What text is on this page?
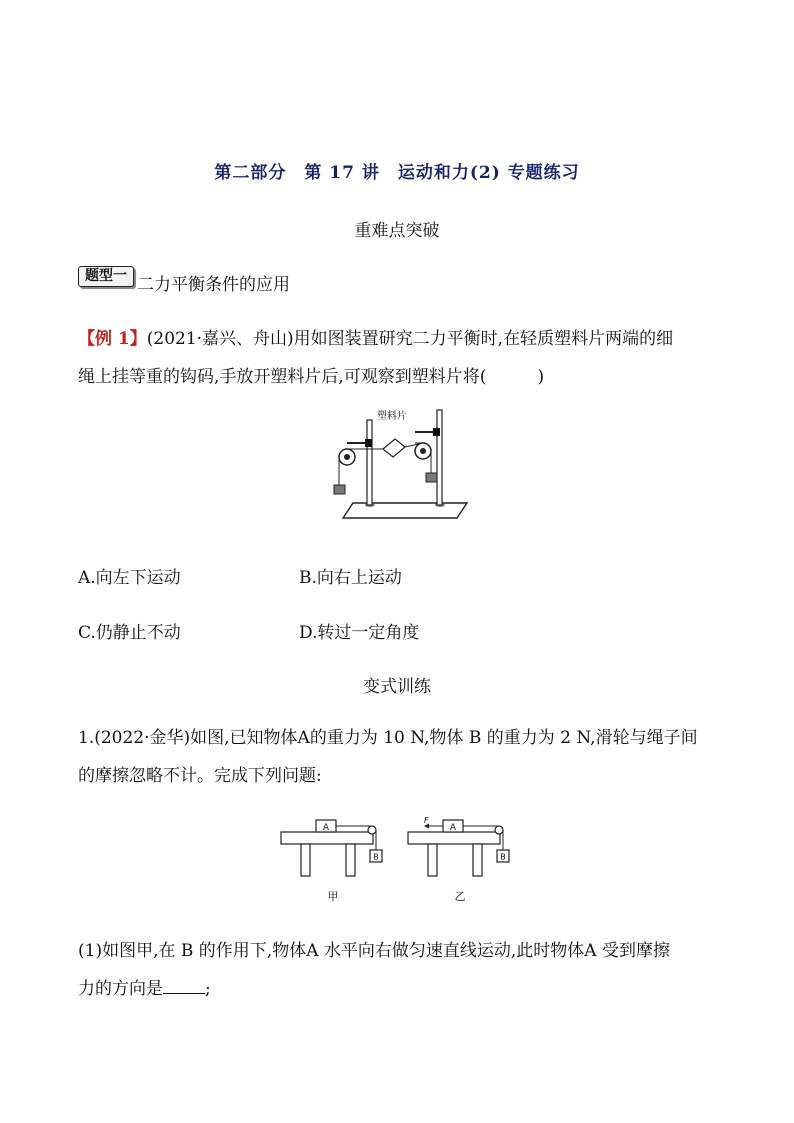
第二部分　第 17 讲　运动和力(2) 专题练习
重难点突破
题型一 二力平衡条件的应用
【例 1】(2021·嘉兴、舟山)用如图装置研究二力平衡时,在轻质塑料片两端的细
绳上挂等重的钩码,手放开塑料片后,可观察到塑料片将(　　　)
塑料片
A.向左下运动	B.向右上运动
C.仍静止不动	D.转过一定角度
变式训练
1.(2022·金华)如图,已知物体A的重力为 10 N,物体 B 的重力为 2 N,滑轮与绳子间
的摩擦忽略不计。完成下列问题:
A
B
甲
F
A
B
乙
(1)如图甲,在 B 的作用下,物体A 水平向右做匀速直线运动,此时物体A 受到摩擦
力的方向是 ;
